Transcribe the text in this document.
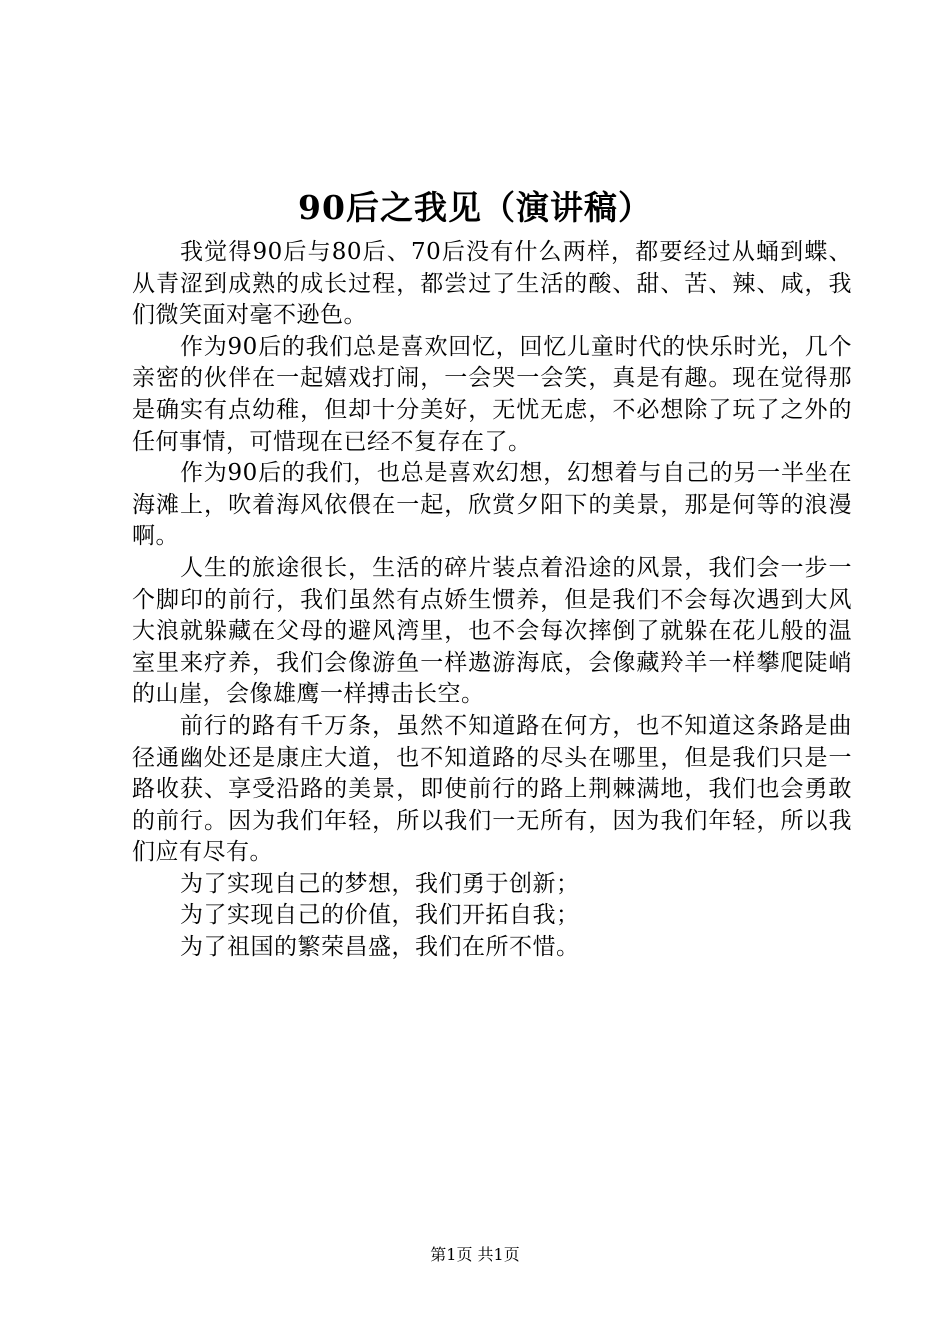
90后之我见（演讲稿）

我觉得90后与80后、70后没有什么两样，都要经过从蛹到蝶、从青涩到成熟的成长过程，都尝过了生活的酸、甜、苦、辣、咸，我们微笑面对毫不逊色。

作为90后的我们总是喜欢回忆，回忆儿童时代的快乐时光，几个亲密的伙伴在一起嬉戏打闹，一会哭一会笑，真是有趣。现在觉得那是确实有点幼稚，但却十分美好，无忧无虑，不必想除了玩了之外的任何事情，可惜现在已经不复存在了。

作为90后的我们，也总是喜欢幻想，幻想着与自己的另一半坐在海滩上，吹着海风依偎在一起，欣赏夕阳下的美景，那是何等的浪漫啊。

人生的旅途很长，生活的碎片装点着沿途的风景，我们会一步一个脚印的前行，我们虽然有点娇生惯养，但是我们不会每次遇到大风大浪就躲藏在父母的避风湾里，也不会每次摔倒了就躲在花儿般的温室里来疗养，我们会像游鱼一样遨游海底，会像藏羚羊一样攀爬陡峭的山崖，会像雄鹰一样搏击长空。

前行的路有千万条，虽然不知道路在何方，也不知道这条路是曲径通幽处还是康庄大道，也不知道路的尽头在哪里，但是我们只是一路收获、享受沿路的美景，即使前行的路上荆棘满地，我们也会勇敢的前行。因为我们年轻，所以我们一无所有，因为我们年轻，所以我们应有尽有。

为了实现自己的梦想，我们勇于创新；

为了实现自己的价值，我们开拓自我；

为了祖国的繁荣昌盛，我们在所不惜。

第1页 共1页
